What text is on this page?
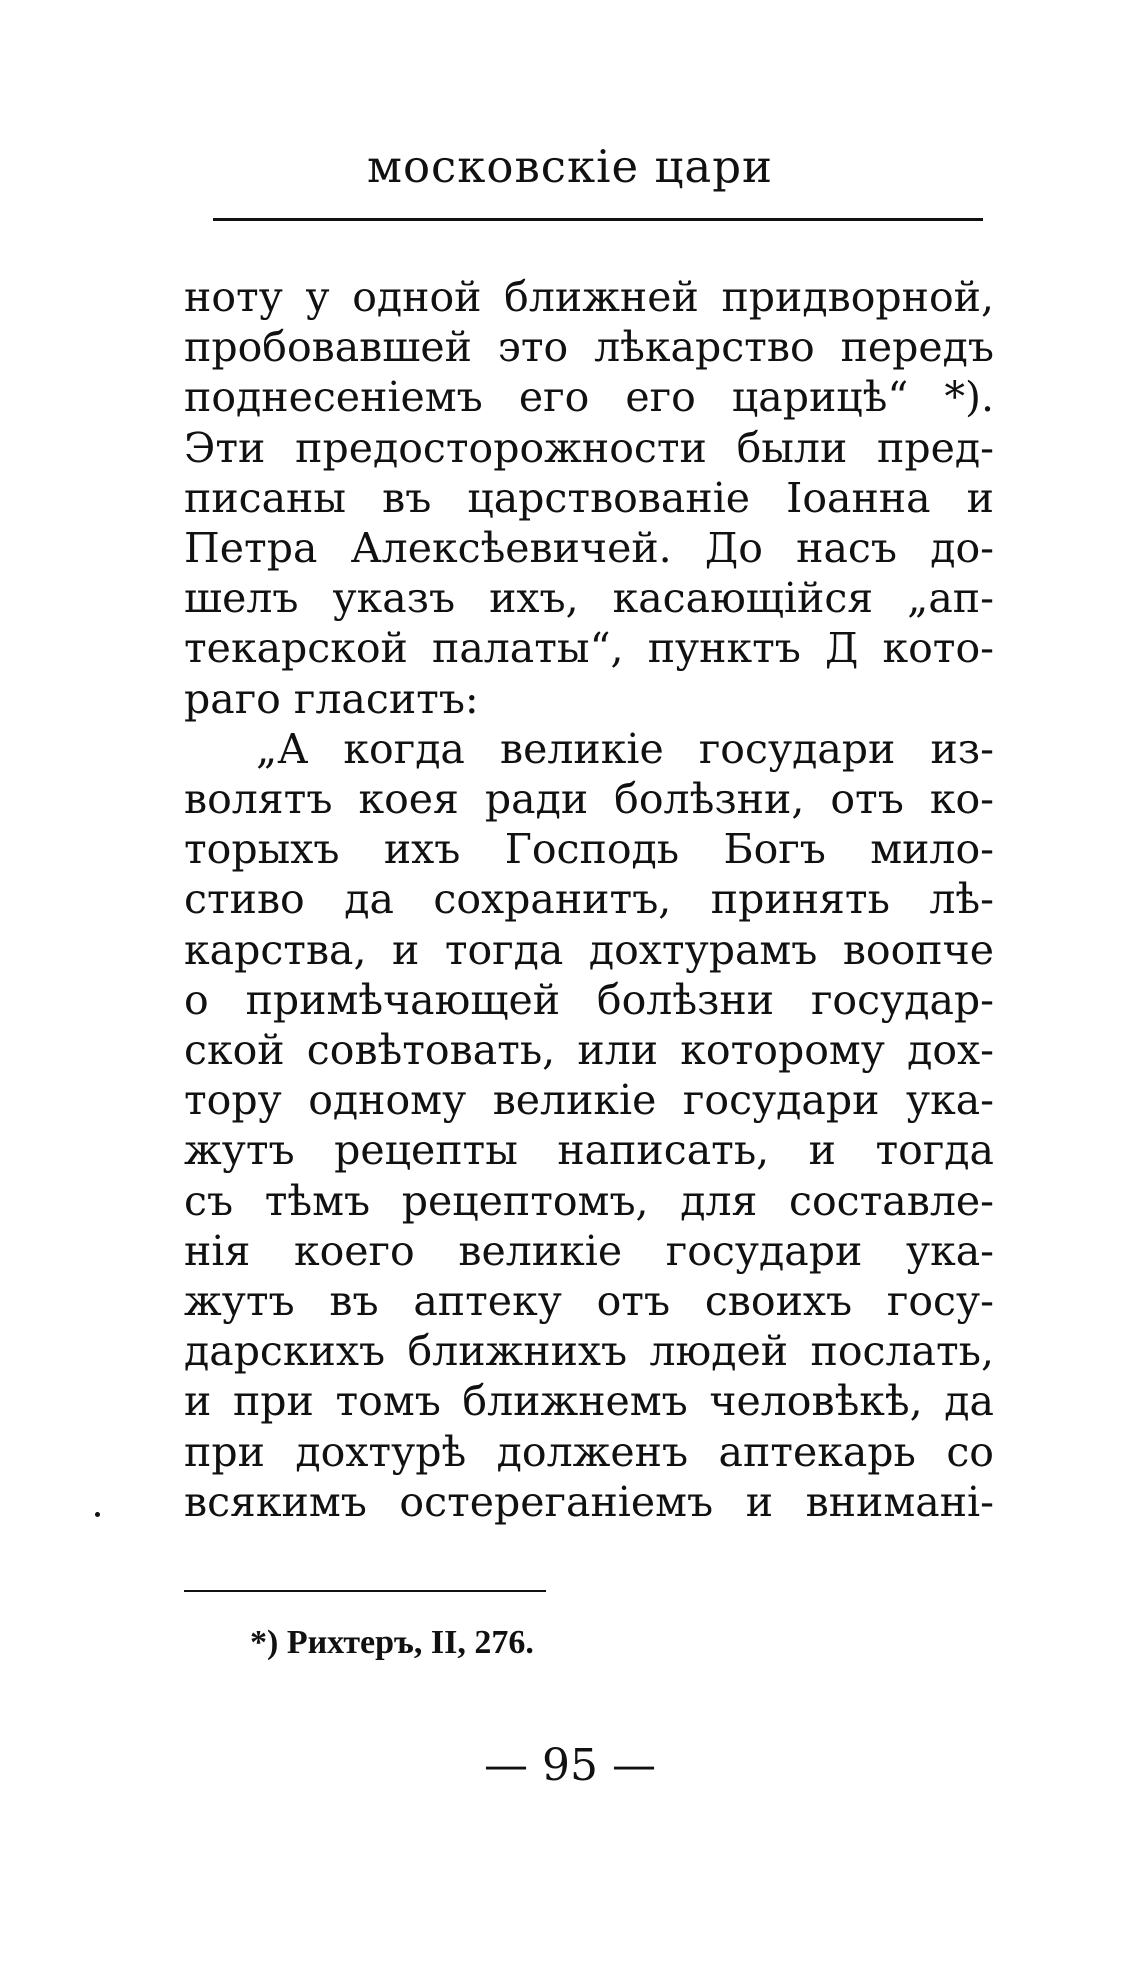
московскіе цари
ноту у одной ближней придворной,
пробовавшей это лѣкарство передъ
поднесеніемъ его его царицѣ“ *).
Эти предосторожности были пред-
писаны въ царствованіе Іоанна и
Петра Алексѣевичей. До насъ до-
шелъ указъ ихъ, касающійся „ап-
текарской палаты“, пунктъ Д кото-
раго гласитъ:
„А когда великіе государи из-
волятъ коея ради болѣзни, отъ ко-
торыхъ ихъ Господь Богъ мило-
стиво да сохранитъ, принять лѣ-
карства, и тогда дохтурамъ воопче
о примѣчающей болѣзни государ-
ской совѣтовать, или которому дох-
тору одному великіе государи ука-
жутъ рецепты написать, и тогда
съ тѣмъ рецептомъ, для составле-
нія коего великіе государи ука-
жутъ въ аптеку отъ своихъ госу-
дарскихъ ближнихъ людей послать,
и при томъ ближнемъ человѣкѣ, да
при дохтурѣ долженъ аптекарь со
всякимъ остереганіемъ и вниманi-
*) Рихтеръ, II, 276.
— 95 —
